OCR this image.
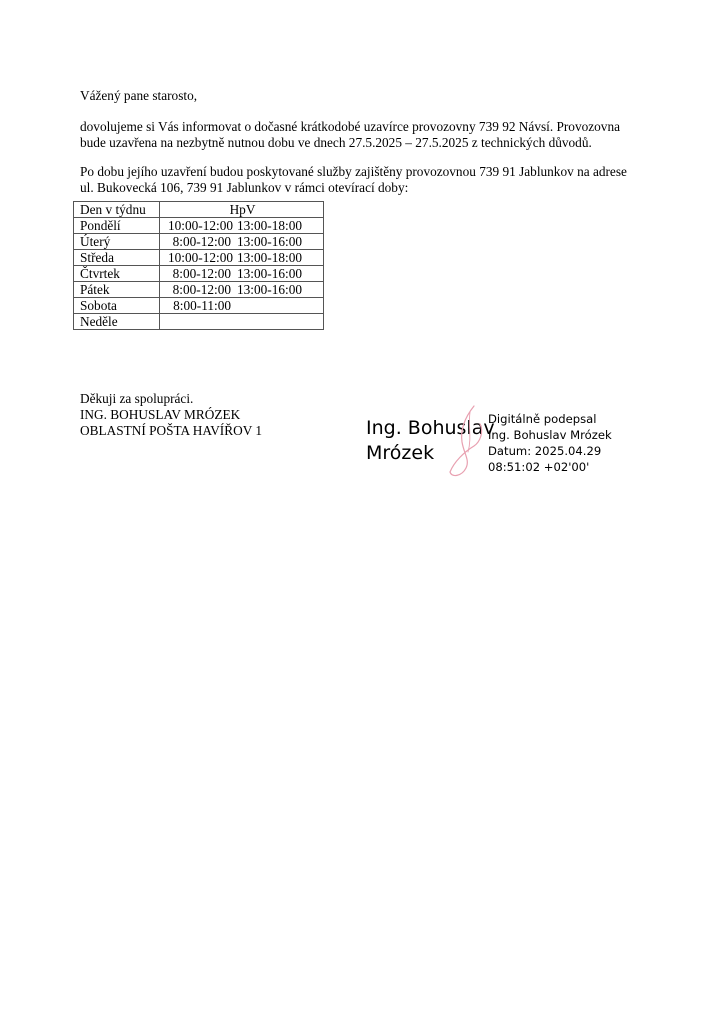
Vážený pane starosto,

dovolujeme si Vás informovat o dočasné krátkodobé uzavírce provozovny 739 92 Návsí. Provozovna
bude uzavřena na nezbytně nutnou dobu ve dnech 27.5.2025 – 27.5.2025 z technických důvodů.
Po dobu jejího uzavření budou poskytované služby zajištěny provozovnou 739 91 Jablunkov na adrese
ul. Bukovecká 106, 739 91 Jablunkov v rámci otevírací doby:
Den v týdnu	HpV
Pondělí	10:00-12:00 13:00-18:00
Úterý	8:00-12:00 13:00-16:00
Středa	10:00-12:00 13:00-18:00
Čtvrtek	8:00-12:00 13:00-16:00
Pátek	8:00-12:00 13:00-16:00
Sobota	8:00-11:00
Neděle	

Děkuji za spolupráci.

ING. BOHUSLAV MRÓZEK

OBLASTNÍ POŠTA HAVÍŘOV 1	Ing. Bohuslav
Mrózek
Digitálně podepsal
Ing. Bohuslav Mrózek
Datum: 2025.04.29
08:51:02 +02'00'
